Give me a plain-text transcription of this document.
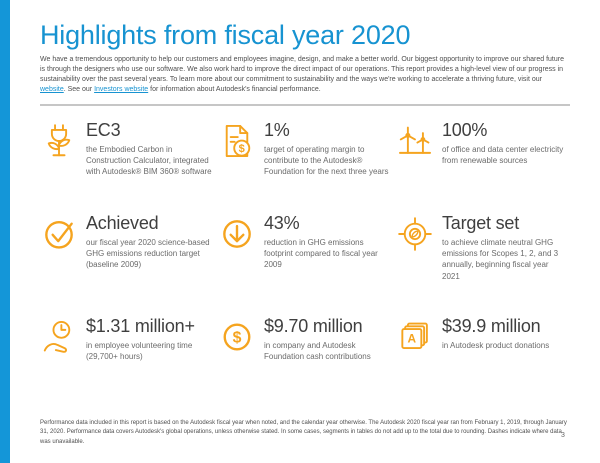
Highlights from fiscal year 2020

We have a tremendous opportunity to help our customers and employees imagine, design, and make a better world. Our biggest opportunity to improve our shared future is through the designers who use our software. We also work hard to improve the direct impact of our operations. This report provides a high-level view of our progress in sustainability over the past several years. To learn more about our commitment to sustainability and the ways we're working to accelerate a thriving future, visit our website. See our Investors website for information about Autodesk's financial performance.

EC3

the Embodied Carbon in Construction Calculator, integrated with Autodesk® BIM 360® software

$
1%

target of operating margin to contribute to the Autodesk® Foundation for the next three years

100%

of office and data center electricity from renewable sources

Achieved

our fiscal year 2020 science-based GHG emissions reduction target (baseline 2009)

43%

reduction in GHG emissions footprint compared to fiscal year 2009

Target set

to achieve climate neutral GHG emissions for Scopes 1, 2, and 3 annually, beginning fiscal year 2021

$1.31 million+

in employee volunteering time (29,700+ hours)

$
$9.70 million

in company and Autodesk Foundation cash contributions

A
$39.9 million

in Autodesk product donations

Performance data included in this report is based on the Autodesk fiscal year when noted, and the calendar year otherwise. The Autodesk 2020 fiscal year ran from February 1, 2019, through January 31, 2020. Performance data covers Autodesk's global operations, unless otherwise stated. In some cases, segments in tables do not add up to the total due to rounding. Dashes indicate where data was unavailable.

3
